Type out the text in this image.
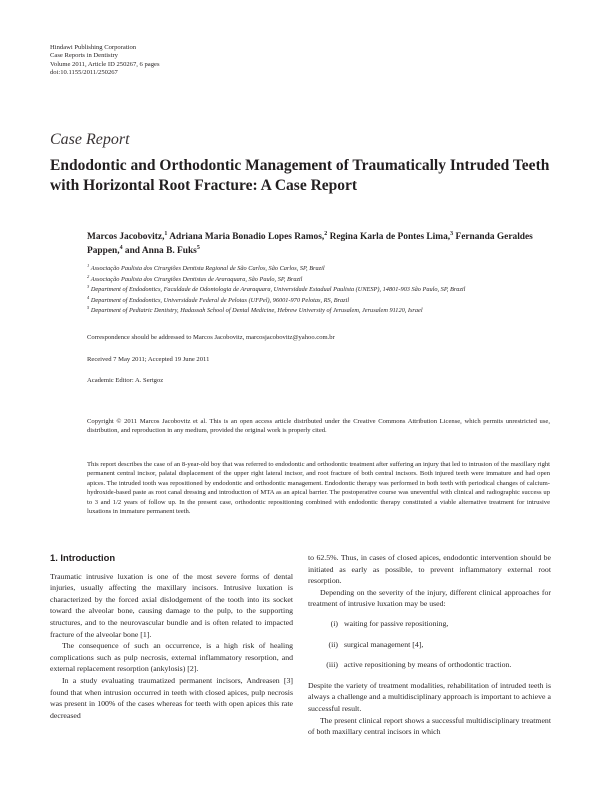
Hindawi Publishing Corporation
Case Reports in Dentistry
Volume 2011, Article ID 250267, 6 pages
doi:10.1155/2011/250267
Case Report
Endodontic and Orthodontic Management of Traumatically Intruded Teeth with Horizontal Root Fracture: A Case Report
Marcos Jacobovitz,$^1$ Adriana Maria Bonadio Lopes Ramos,$^2$ Regina Karla de Pontes Lima,$^3$ Fernanda Geraldes Pappen,$^4$ and Anna B. Fuks$^5$
$^1$ Associação Paulista dos Cirurgiões Dentista Regional de São Carlos, São Carlos, SP, Brazil
$^2$ Associação Paulista dos Cirurgiões Dentistas de Araraquara, São Paulo, SP, Brazil
$^3$ Department of Endodontics, Faculdade de Odontologia de Araraquara, Universidade Estadual Paulista (UNESP), 14801-903 São Paulo, SP, Brazil
$^4$ Department of Endodontics, Universidade Federal de Pelotas (UFPel), 96001-970 Pelotas, RS, Brazil
$^5$ Department of Pediatric Dentistry, Hadassah School of Dental Medicine, Hebrew University of Jerusalem, Jerusalem 91120, Israel
Correspondence should be addressed to Marcos Jacobovitz, marcosjacobovitz@yahoo.com.br
Received 7 May 2011; Accepted 19 June 2011
Academic Editor: A. Sertgoz
Copyright © 2011 Marcos Jacobovitz et al. This is an open access article distributed under the Creative Commons Attribution License, which permits unrestricted use, distribution, and reproduction in any medium, provided the original work is properly cited.
This report describes the case of an 8-year-old boy that was referred to endodontic and orthodontic treatment after suffering an injury that led to intrusion of the maxillary right permanent central incisor, palatal displacement of the upper right lateral incisor, and root fracture of both central incisors. Both injured teeth were immature and had open apices. The intruded tooth was repositioned by endodontic and orthodontic management. Endodontic therapy was performed in both teeth with periodical changes of calcium-hydroxide-based paste as root canal dressing and introduction of MTA as an apical barrier. The postoperative course was uneventful with clinical and radiographic success up to 3 and 1/2 years of follow up. In the present case, orthodontic repositioning combined with endodontic therapy constituted a viable alternative treatment for intrusive luxations in immature permanent teeth.
1. Introduction

Traumatic intrusive luxation is one of the most severe forms of dental injuries, usually affecting the maxillary incisors. Intrusive luxation is characterized by the forced axial dislodgement of the tooth into its socket toward the alveolar bone, causing damage to the pulp, to the supporting structures, and to the neurovascular bundle and is often related to impacted fracture of the alveolar bone [1].

The consequence of such an occurrence, is a high risk of healing complications such as pulp necrosis, external inflammatory resorption, and external replacement resorption (ankylosis) [2].

In a study evaluating traumatized permanent incisors, Andreasen [3] found that when intrusion occurred in teeth with closed apices, pulp necrosis was present in 100% of the cases whereas for teeth with open apices this rate decreased

to 62.5%. Thus, in cases of closed apices, endodontic intervention should be initiated as early as possible, to prevent inflammatory external root resorption.

Depending on the severity of the injury, different clinical approaches for treatment of intrusive luxation may be used:

(i) waiting for passive repositioning,
(ii) surgical management [4],
(iii) active repositioning by means of orthodontic traction.

Despite the variety of treatment modalities, rehabilitation of intruded teeth is always a challenge and a multidisciplinary approach is important to achieve a successful result.

The present clinical report shows a successful multidisciplinary treatment of both maxillary central incisors in which
